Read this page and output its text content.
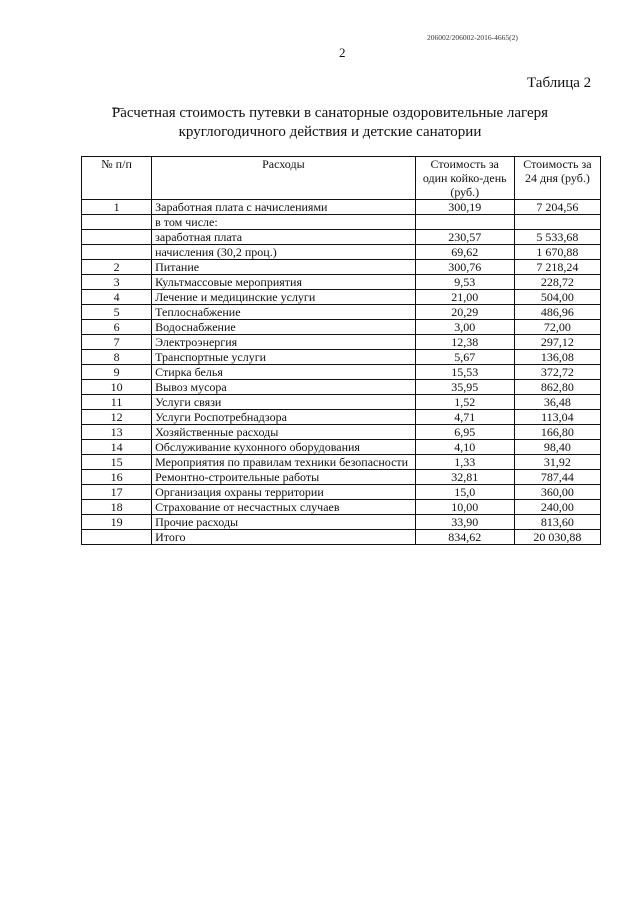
206002/206002-2016-4665(2)
2
Таблица 2
Расчетная стоимость путевки в санаторные оздоровительные лагеря
круглогодичного действия и детские санатории
№ п/п	Расходы	Стоимость за один койко-день (руб.)	Стоимость за 24 дня (руб.)
1	Заработная плата с начислениями	300,19	7 204,56
	в том числе:		
	заработная плата	230,57	5 533,68
	начисления (30,2 проц.)	69,62	1 670,88
2	Питание	300,76	7 218,24
3	Культмассовые мероприятия	9,53	228,72
4	Лечение и медицинские услуги	21,00	504,00
5	Теплоснабжение	20,29	486,96
6	Водоснабжение	3,00	72,00
7	Электроэнергия	12,38	297,12
8	Транспортные услуги	5,67	136,08
9	Стирка белья	15,53	372,72
10	Вывоз мусора	35,95	862,80
11	Услуги связи	1,52	36,48
12	Услуги Роспотребнадзора	4,71	113,04
13	Хозяйственные расходы	6,95	166,80
14	Обслуживание кухонного оборудования	4,10	98,40
15	Мероприятия по правилам техники безопасности	1,33	31,92
16	Ремонтно-строительные работы	32,81	787,44
17	Организация охраны территории	15,0	360,00
18	Страхование от несчастных случаев	10,00	240,00
19	Прочие расходы	33,90	813,60
	Итого	834,62	20 030,88
